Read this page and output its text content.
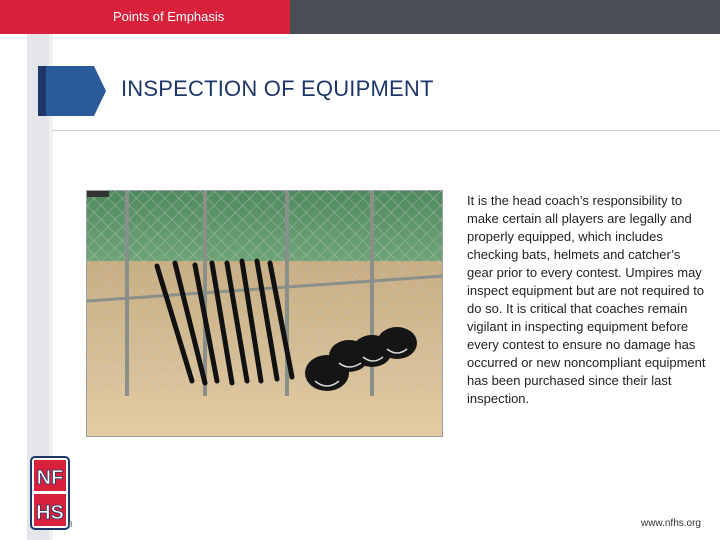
Points of Emphasis
INSPECTION OF EQUIPMENT

It is the head coach’s responsibility to make certain all players are legally and properly equipped, which includes checking bats, helmets and catcher’s gear prior to every contest. Umpires may inspect equipment but are not required to do so. It is critical that coaches remain vigilant in inspecting equipment before every contest to ensure no damage has occurred or new noncompliant equipment has been purchased since their last inspection.

NF
HS
8	www.nfhs.org
